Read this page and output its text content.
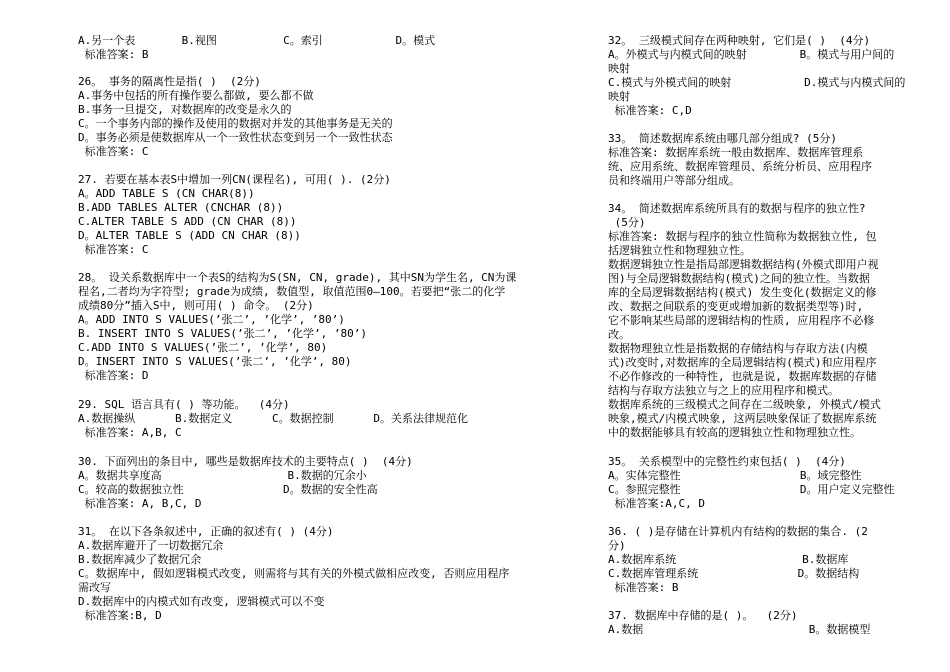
A.另一个表       B.视图          C。索引           D。模式
标准答案: B
26。 事务的隔离性是指( )  (2分)
A.事务中包括的所有操作要么都做, 要么都不做
B.事务一旦提交, 对数据库的改变是永久的
C。一个事务内部的操作及使用的数据对并发的其他事务是无关的
D。事务必须是使数据库从一个一致性状态变到另一个一致性状态
标准答案: C
27. 若要在基本表S中增加一列CN(课程名), 可用( ). (2分)
A。ADD TABLE S (CN CHAR(8))
B.ADD TABLES ALTER (CNCHAR (8))
C.ALTER TABLE S ADD (CN CHAR (8))
D。ALTER TABLE S (ADD CN CHAR (8))
标准答案: C
28。 设关系数据库中一个表S的结构为S(SN, CN, grade), 其中SN为学生名, CN为课
程名,二者均为字符型; grade为成绩, 数值型, 取值范围0—100。若要把“张二的化学
成绩80分”插入S中, 则可用( ) 命令。 (2分)
A。ADD INTO S VALUES(’张二’, ’化学’, ’80’)
B. INSERT INTO S VALUES(’张二’, ’化学’, ’80’)
C.ADD INTO S VALUES(’张二’, ’化学’, 80)
D。INSERT INTO S VALUES(’张二’, ’化学’, 80)
标准答案: D
29. SQL 语言具有( ) 等功能。  (4分)
A.数据操纵      B.数据定义      C。数据控制      D。关系法律规范化
标准答案: A,B, C
30. 下面列出的条目中, 哪些是数据库技术的主要特点( )  (4分)
A。数据共享度高                   B.数据的冗余小
C。较高的数据独立性               D。数据的安全性高
标准答案: A, B,C, D
31。 在以下各条叙述中, 正确的叙述有( ) (4分)
A.数据库避开了一切数据冗余
B.数据库减少了数据冗余
C。数据库中, 假如逻辑模式改变, 则需将与其有关的外模式做相应改变, 否则应用程序
需改写
D.数据库中的内模式如有改变, 逻辑模式可以不变
标准答案:B, D
32。 三级模式间存在两种映射, 它们是( )  (4分)
A。外模式与内模式间的映射        B。模式与用户间的
映射
C.模式与外模式间的映射           D.模式与内模式间的
映射
标准答案: C,D
33。 简述数据库系统由哪几部分组成? (5分)
标准答案: 数据库系统一般由数据库、数据库管理系
统、应用系统、数据库管理员、系统分析员、应用程序
员和终端用户等部分组成。
34。 简述数据库系统所具有的数据与程序的独立性?
(5分)
标准答案: 数据与程序的独立性简称为数据独立性, 包
括逻辑独立性和物理独立性。
数据逻辑独立性是指局部逻辑数据结构(外模式即用户视
图)与全局逻辑数据结构(模式)之间的独立性。当数据
库的全局逻辑数据结构(模式) 发生变化(数据定义的修
改、数据之间联系的变更或增加新的数据类型等)时,
它不影响某些局部的逻辑结构的性质, 应用程序不必修
改。
数据物理独立性是指数据的存储结构与存取方法(内模
式)改变时,对数据库的全局逻辑结构(模式)和应用程序
不必作修改的一种特性, 也就是说, 数据库数据的存储
结构与存取方法独立与之上的应用程序和模式。
数据库系统的三级模式之间存在二级映象, 外模式/模式
映象,模式/内模式映象, 这两层映象保证了数据库系统
中的数据能够具有较高的逻辑独立性和物理独立性。
35。 关系模型中的完整性约束包括( )  (4分)
A。实体完整性                  B。域完整性
C。参照完整性                  D。用户定义完整性
标准答案:A,C, D
36. ( )是存储在计算机内有结构的数据的集合. (2
分)
A.数据库系统                   B.数据库
C.数据库管理系统               D。数据结构
标准答案: B
37. 数据库中存储的是( )。  (2分)
A.数据                         B。数据模型
